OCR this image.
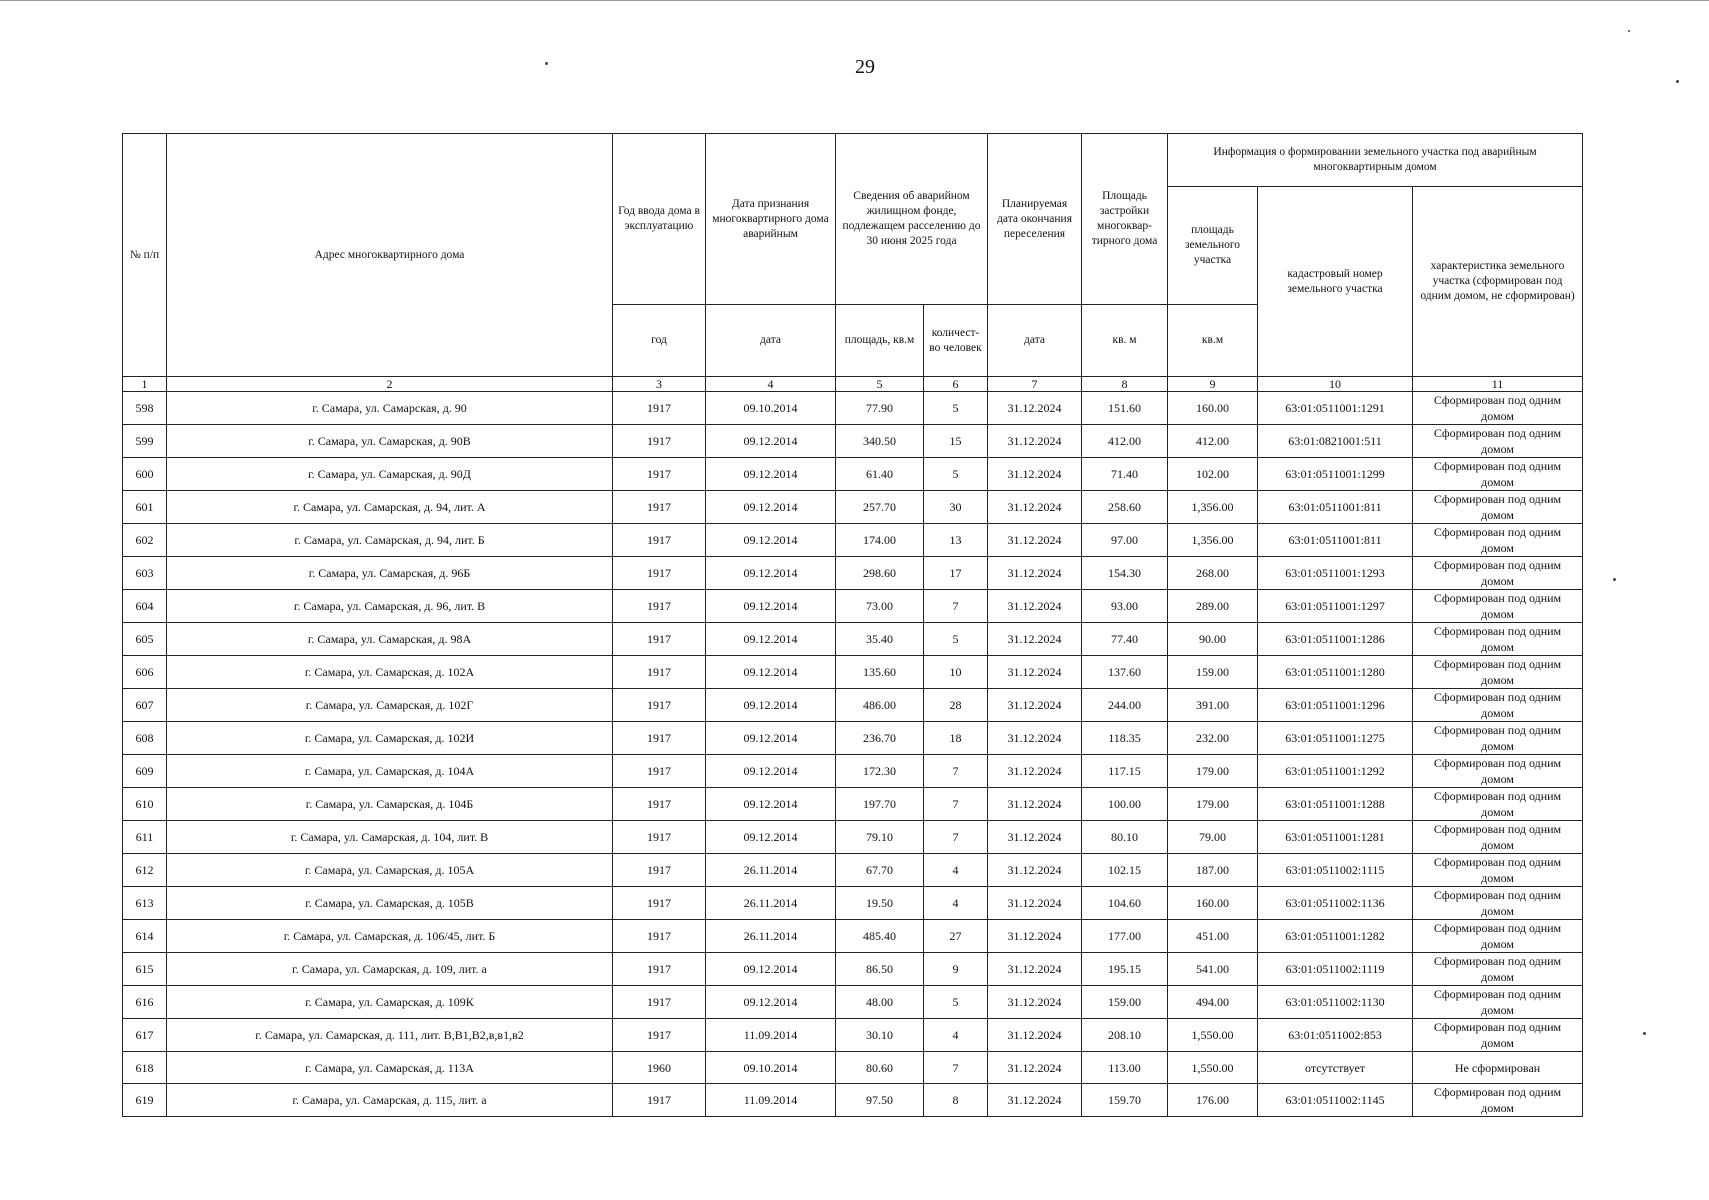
29
№ п/п	Адрес многоквартирного дома	Год ввода дома в эксплуатацию	Дата признания многоквартирного дома аварийным	Сведения об аварийном жилищном фонде, подлежащем расселению до 30 июня 2025 года		Планируемая дата окончания переселения	Площадь застройки многоквар-тирного дома	Информация о формировании земельного участка под аварийным многоквартирным домом		
								площадь земельного участка	кадастровый номер земельного участка	характеристика земельного участка (сформирован под одним домом, не сформирован)
		год	дата	площадь, кв.м	количест-во человек	дата	кв. м	кв.м		
1	2	3	4	5	6	7	8	9	10	11
598	г. Самара, ул. Самарская, д. 90	1917	09.10.2014	77.90	5	31.12.2024	151.60	160.00	63:01:0511001:1291	Сформирован под одним домом
599	г. Самара, ул. Самарская, д. 90В	1917	09.12.2014	340.50	15	31.12.2024	412.00	412.00	63:01:0821001:511	Сформирован под одним домом
600	г. Самара, ул. Самарская, д. 90Д	1917	09.12.2014	61.40	5	31.12.2024	71.40	102.00	63:01:0511001:1299	Сформирован под одним домом
601	г. Самара, ул. Самарская, д. 94, лит. А	1917	09.12.2014	257.70	30	31.12.2024	258.60	1,356.00	63:01:0511001:811	Сформирован под одним домом
602	г. Самара, ул. Самарская, д. 94, лит. Б	1917	09.12.2014	174.00	13	31.12.2024	97.00	1,356.00	63:01:0511001:811	Сформирован под одним домом
603	г. Самара, ул. Самарская, д. 96Б	1917	09.12.2014	298.60	17	31.12.2024	154.30	268.00	63:01:0511001:1293	Сформирован под одним домом
604	г. Самара, ул. Самарская, д. 96, лит. В	1917	09.12.2014	73.00	7	31.12.2024	93.00	289.00	63:01:0511001:1297	Сформирован под одним домом
605	г. Самара, ул. Самарская, д. 98А	1917	09.12.2014	35.40	5	31.12.2024	77.40	90.00	63:01:0511001:1286	Сформирован под одним домом
606	г. Самара, ул. Самарская, д. 102А	1917	09.12.2014	135.60	10	31.12.2024	137.60	159.00	63:01:0511001:1280	Сформирован под одним домом
607	г. Самара, ул. Самарская, д. 102Г	1917	09.12.2014	486.00	28	31.12.2024	244.00	391.00	63:01:0511001:1296	Сформирован под одним домом
608	г. Самара, ул. Самарская, д. 102И	1917	09.12.2014	236.70	18	31.12.2024	118.35	232.00	63:01:0511001:1275	Сформирован под одним домом
609	г. Самара, ул. Самарская, д. 104А	1917	09.12.2014	172.30	7	31.12.2024	117.15	179.00	63:01:0511001:1292	Сформирован под одним домом
610	г. Самара, ул. Самарская, д. 104Б	1917	09.12.2014	197.70	7	31.12.2024	100.00	179.00	63:01:0511001:1288	Сформирован под одним домом
611	г. Самара, ул. Самарская, д. 104, лит. В	1917	09.12.2014	79.10	7	31.12.2024	80.10	79.00	63:01:0511001:1281	Сформирован под одним домом
612	г. Самара, ул. Самарская, д. 105А	1917	26.11.2014	67.70	4	31.12.2024	102.15	187.00	63:01:0511002:1115	Сформирован под одним домом
613	г. Самара, ул. Самарская, д. 105В	1917	26.11.2014	19.50	4	31.12.2024	104.60	160.00	63:01:0511002:1136	Сформирован под одним домом
614	г. Самара, ул. Самарская, д. 106/45, лит. Б	1917	26.11.2014	485.40	27	31.12.2024	177.00	451.00	63:01:0511001:1282	Сформирован под одним домом
615	г. Самара, ул. Самарская, д. 109, лит. а	1917	09.12.2014	86.50	9	31.12.2024	195.15	541.00	63:01:0511002:1119	Сформирован под одним домом
616	г. Самара, ул. Самарская, д. 109К	1917	09.12.2014	48.00	5	31.12.2024	159.00	494.00	63:01:0511002:1130	Сформирован под одним домом
617	г. Самара, ул. Самарская, д. 111, лит. В,В1,В2,в,в1,в2	1917	11.09.2014	30.10	4	31.12.2024	208.10	1,550.00	63:01:0511002:853	Сформирован под одним домом
618	г. Самара, ул. Самарская, д. 113А	1960	09.10.2014	80.60	7	31.12.2024	113.00	1,550.00	отсутствует	Не сформирован
619	г. Самара, ул. Самарская, д. 115, лит. а	1917	11.09.2014	97.50	8	31.12.2024	159.70	176.00	63:01:0511002:1145	Сформирован под одним домом
